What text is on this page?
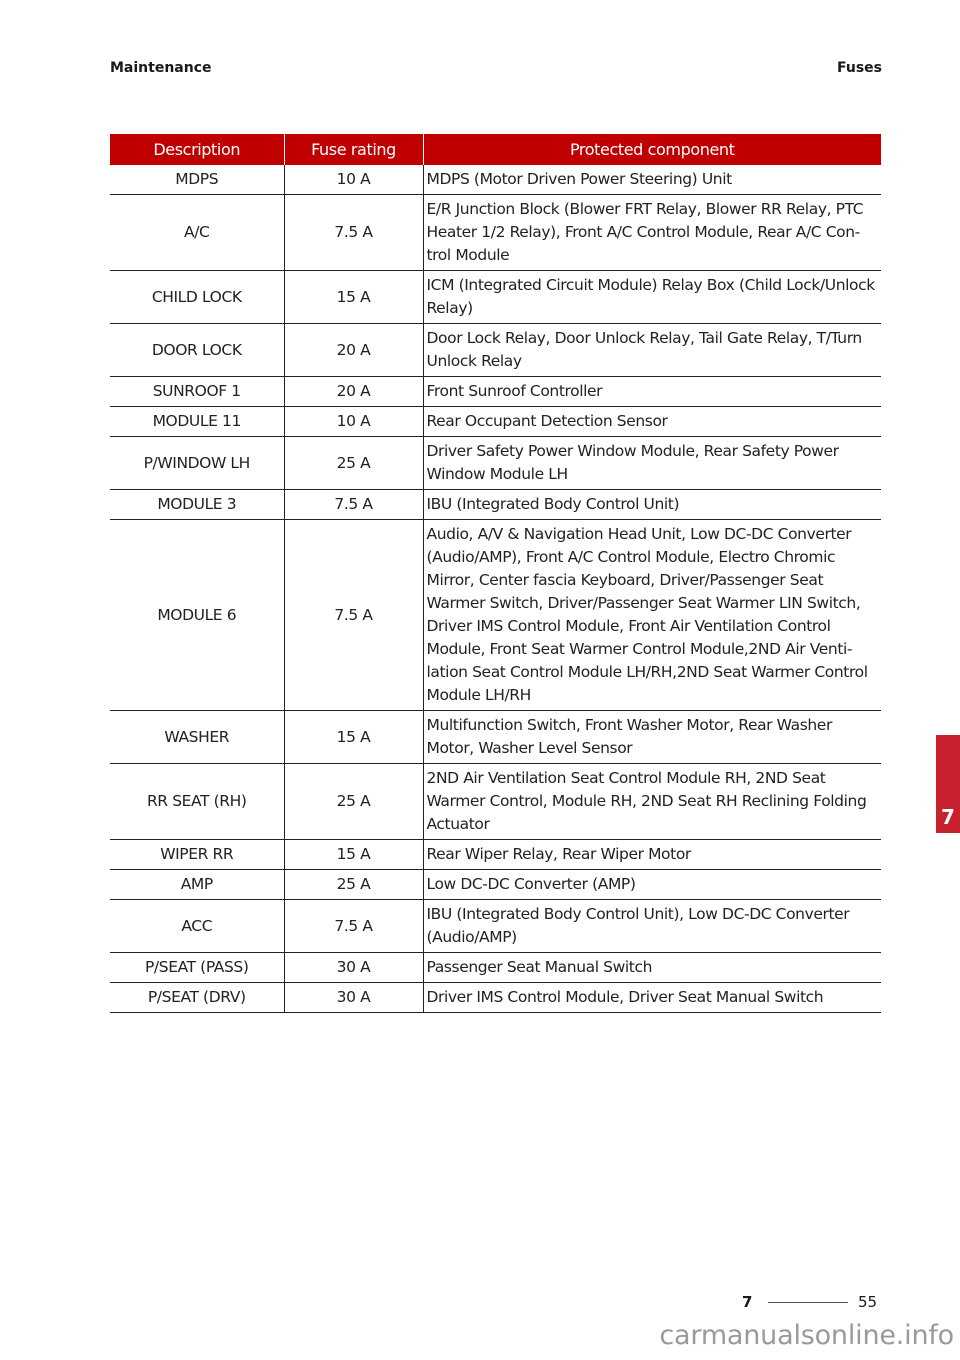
Maintenance	Fuses
Description	Fuse rating	Protected component
MDPS	10 A	MDPS (Motor Driven Power Steering) Unit
A/C	7.5 A	E/R Junction Block (Blower FRT Relay, Blower RR Relay, PTC Heater 1/2 Relay), Front A/C Control Module, Rear A/C Con-trol Module
CHILD LOCK	15 A	ICM (Integrated Circuit Module) Relay Box (Child Lock/Unlock Relay)
DOOR LOCK	20 A	Door Lock Relay, Door Unlock Relay, Tail Gate Relay, T/Turn Unlock Relay
SUNROOF 1	20 A	Front Sunroof Controller
MODULE 11	10 A	Rear Occupant Detection Sensor
P/WINDOW LH	25 A	Driver Safety Power Window Module, Rear Safety Power Window Module LH
MODULE 3	7.5 A	IBU (Integrated Body Control Unit)
MODULE 6	7.5 A	Audio, A/V & Navigation Head Unit, Low DC-DC Converter (Audio/AMP), Front A/C Control Module, Electro Chromic Mirror, Center fascia Keyboard, Driver/Passenger Seat Warmer Switch, Driver/Passenger Seat Warmer LIN Switch, Driver IMS Control Module, Front Air Ventilation Control Module, Front Seat Warmer Control Module,2ND Air Venti-lation Seat Control Module LH/RH,2ND Seat Warmer Control Module LH/RH
WASHER	15 A	Multifunction Switch, Front Washer Motor, Rear Washer Motor, Washer Level Sensor
RR SEAT (RH)	25 A	2ND Air Ventilation Seat Control Module RH, 2ND Seat Warmer Control, Module RH, 2ND Seat RH Reclining Folding Actuator
WIPER RR	15 A	Rear Wiper Relay, Rear Wiper Motor
AMP	25 A	Low DC-DC Converter (AMP)
ACC	7.5 A	IBU (Integrated Body Control Unit), Low DC-DC Converter (Audio/AMP)
P/SEAT (PASS)	30 A	Passenger Seat Manual Switch
P/SEAT (DRV)	30 A	Driver IMS Control Module, Driver Seat Manual Switch
7
7	55
carmanualsonline.info
